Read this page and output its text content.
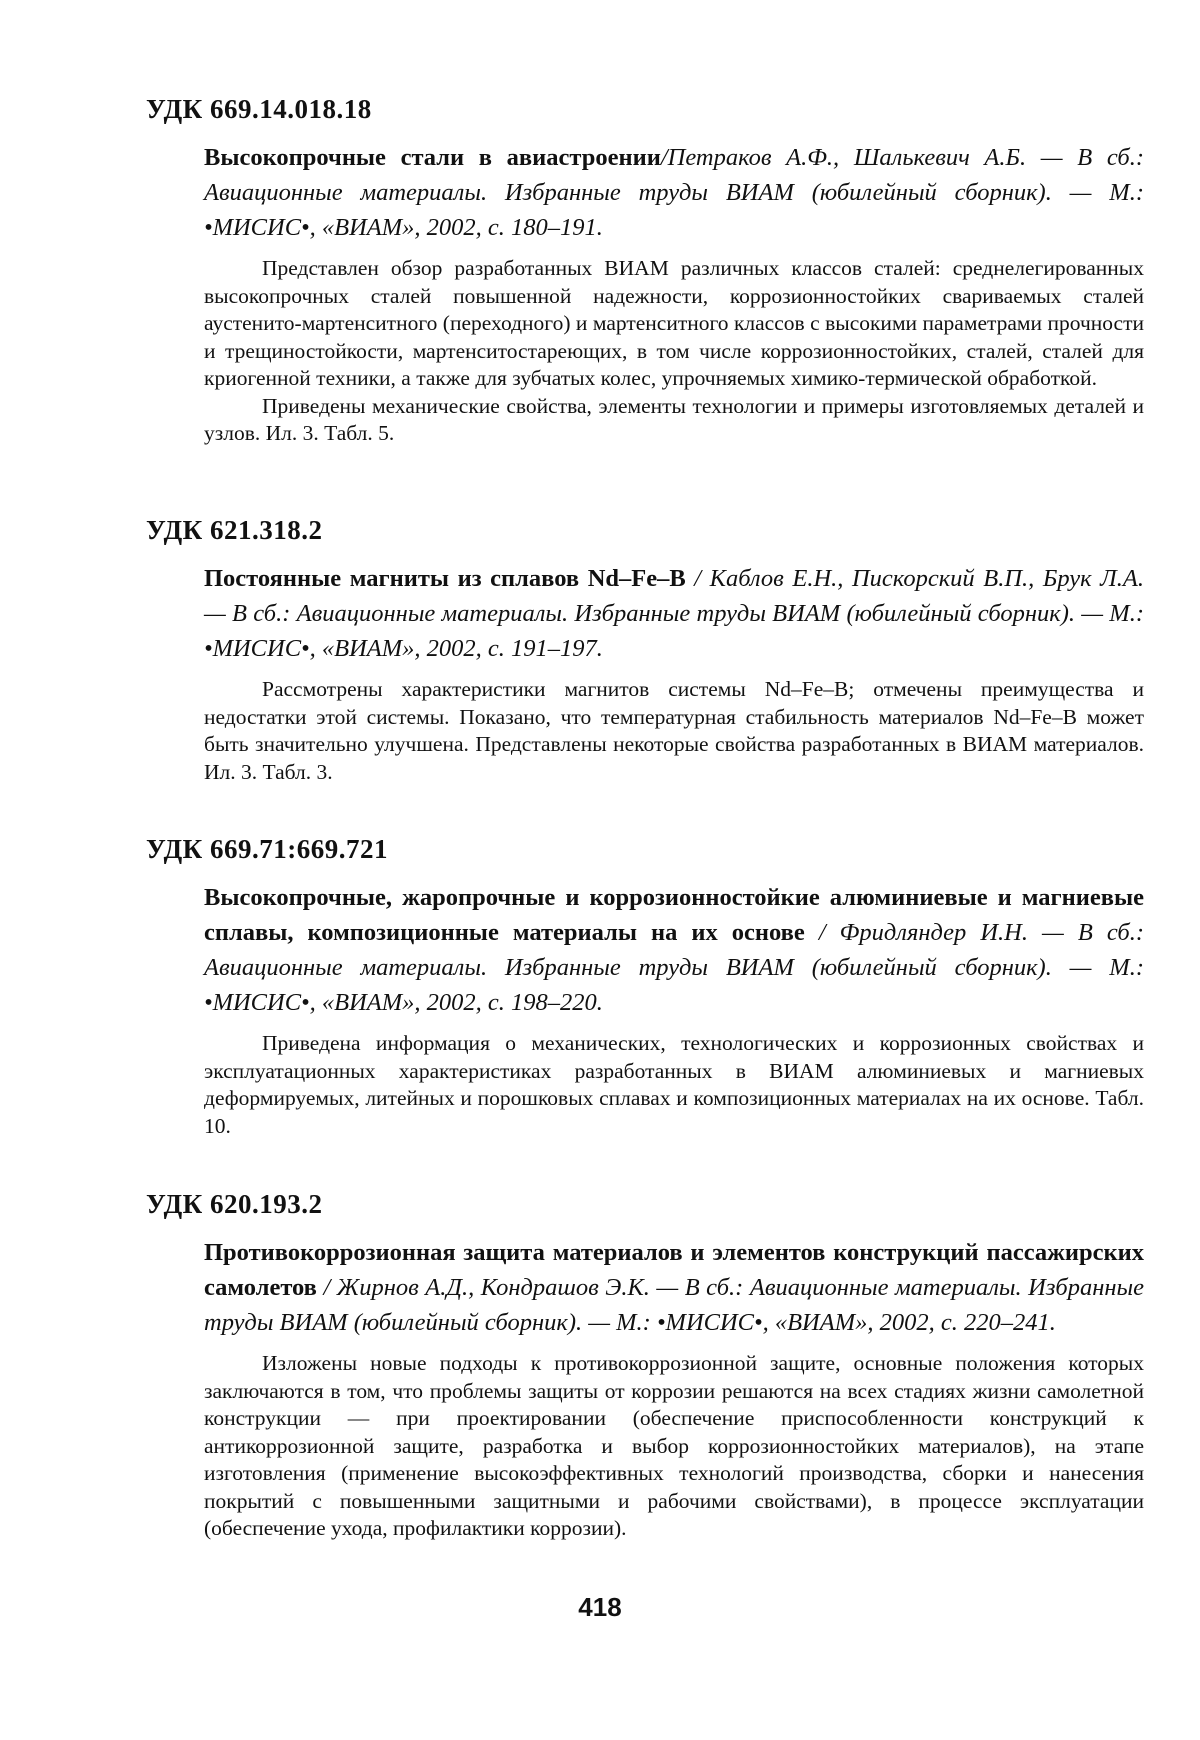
УДК 669.14.018.18
Высокопрочные стали в авиастроении/Петраков А.Ф., Шалькевич А.Б. — В сб.: Авиационные материалы. Избранные труды ВИАМ (юбилейный сборник). — М.: •МИСИС•, «ВИАМ», 2002, с. 180–191.

Представлен обзор разработанных ВИАМ различных классов сталей: среднелегированных высокопрочных сталей повышенной надежности, коррозионностойких свариваемых сталей аустенито-мартенситного (переходного) и мартенситного классов с высокими параметрами прочности и трещиностойкости, мартенситостареющих, в том числе коррозионностойких, сталей, сталей для криогенной техники, а также для зубчатых колес, упрочняемых химико-термической обработкой.

Приведены механические свойства, элементы технологии и примеры изготовляемых деталей и узлов. Ил. 3. Табл. 5.

УДК 621.318.2
Постоянные магниты из сплавов Nd–Fe–B / Каблов Е.Н., Пискорский В.П., Брук Л.А. — В сб.: Авиационные материалы. Избранные труды ВИАМ (юбилейный сборник). — М.: •МИСИС•, «ВИАМ», 2002, с. 191–197.

Рассмотрены характеристики магнитов системы Nd–Fe–B; отмечены преимущества и недостатки этой системы. Показано, что температурная стабильность материалов Nd–Fe–B может быть значительно улучшена. Представлены некоторые свойства разработанных в ВИАМ материалов. Ил. 3. Табл. 3.

УДК 669.71:669.721
Высокопрочные, жаропрочные и коррозионностойкие алюминиевые и магниевые сплавы, композиционные материалы на их основе / Фридляндер И.Н. — В сб.: Авиационные материалы. Избранные труды ВИАМ (юбилейный сборник). — М.: •МИСИС•, «ВИАМ», 2002, с. 198–220.

Приведена информация о механических, технологических и коррозионных свойствах и эксплуатационных характеристиках разработанных в ВИАМ алюминиевых и магниевых деформируемых, литейных и порошковых сплавах и композиционных материалах на их основе. Табл. 10.

УДК 620.193.2
Противокоррозионная защита материалов и элементов конструкций пассажирских самолетов / Жирнов А.Д., Кондрашов Э.К. — В сб.: Авиационные материалы. Избранные труды ВИАМ (юбилейный сборник). — М.: •МИСИС•, «ВИАМ», 2002, с. 220–241.

Изложены новые подходы к противокоррозионной защите, основные положения которых заключаются в том, что проблемы защиты от коррозии решаются на всех стадиях жизни самолетной конструкции — при проектировании (обеспечение приспособленности конструкций к антикоррозионной защите, разработка и выбор коррозионностойких материалов), на этапе изготовления (применение высокоэффективных технологий производства, сборки и нанесения покрытий с повышенными защитными и рабочими свойствами), в процессе эксплуатации (обеспечение ухода, профилактики коррозии).

418
